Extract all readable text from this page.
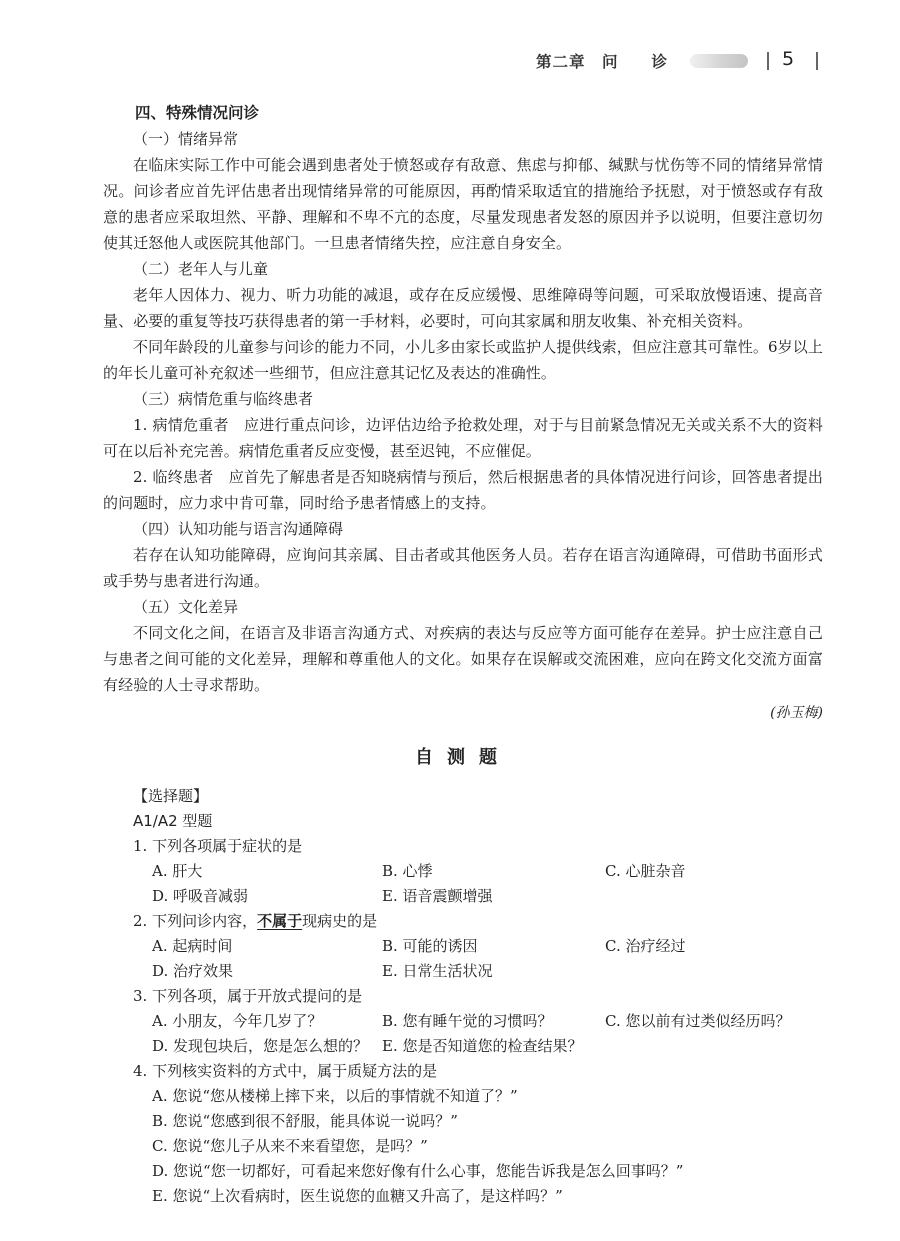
第二章　问　　诊	5
四、特殊情况问诊
（一）情绪异常

在临床实际工作中可能会遇到患者处于愤怒或存有敌意、焦虑与抑郁、缄默与忧伤等不同的情绪异常情况。问诊者应首先评估患者出现情绪异常的可能原因，再酌情采取适宜的措施给予抚慰，对于愤怒或存有敌意的患者应采取坦然、平静、理解和不卑不亢的态度，尽量发现患者发怒的原因并予以说明，但要注意切勿使其迁怒他人或医院其他部门。一旦患者情绪失控，应注意自身安全。

（二）老年人与儿童

老年人因体力、视力、听力功能的减退，或存在反应缓慢、思维障碍等问题，可采取放慢语速、提高音量、必要的重复等技巧获得患者的第一手材料，必要时，可向其家属和朋友收集、补充相关资料。

不同年龄段的儿童参与问诊的能力不同，小儿多由家长或监护人提供线索，但应注意其可靠性。6岁以上的年长儿童可补充叙述一些细节，但应注意其记忆及表达的准确性。

（三）病情危重与临终患者

1. 病情危重者　应进行重点问诊，边评估边给予抢救处理，对于与目前紧急情况无关或关系不大的资料可在以后补充完善。病情危重者反应变慢，甚至迟钝，不应催促。

2. 临终患者　应首先了解患者是否知晓病情与预后，然后根据患者的具体情况进行问诊，回答患者提出的问题时，应力求中肯可靠，同时给予患者情感上的支持。

（四）认知功能与语言沟通障碍

若存在认知功能障碍，应询问其亲属、目击者或其他医务人员。若存在语言沟通障碍，可借助书面形式或手势与患者进行沟通。

（五）文化差异

不同文化之间，在语言及非语言沟通方式、对疾病的表达与反应等方面可能存在差异。护士应注意自己与患者之间可能的文化差异，理解和尊重他人的文化。如果存在误解或交流困难，应向在跨文化交流方面富有经验的人士寻求帮助。

(孙玉梅)
自测题
【选择题】
A1/A2 型题
1. 下列各项属于症状的是
A. 肝大	B. 心悸	C. 心脏杂音
D. 呼吸音减弱	E. 语音震颤增强
2. 下列问诊内容，不属于现病史的是
A. 起病时间	B. 可能的诱因	C. 治疗经过
D. 治疗效果	E. 日常生活状况
3. 下列各项，属于开放式提问的是
A. 小朋友，今年几岁了？	B. 您有睡午觉的习惯吗？	C. 您以前有过类似经历吗？
D. 发现包块后，您是怎么想的？ E. 您是否知道您的检查结果？
4. 下列核实资料的方式中，属于质疑方法的是
A. 您说“您从楼梯上摔下来，以后的事情就不知道了？”
B. 您说“您感到很不舒服，能具体说一说吗？”
C. 您说“您儿子从来不来看望您，是吗？”
D. 您说“您一切都好，可看起来您好像有什么心事，您能告诉我是怎么回事吗？”
E. 您说“上次看病时，医生说您的血糖又升高了，是这样吗？”
